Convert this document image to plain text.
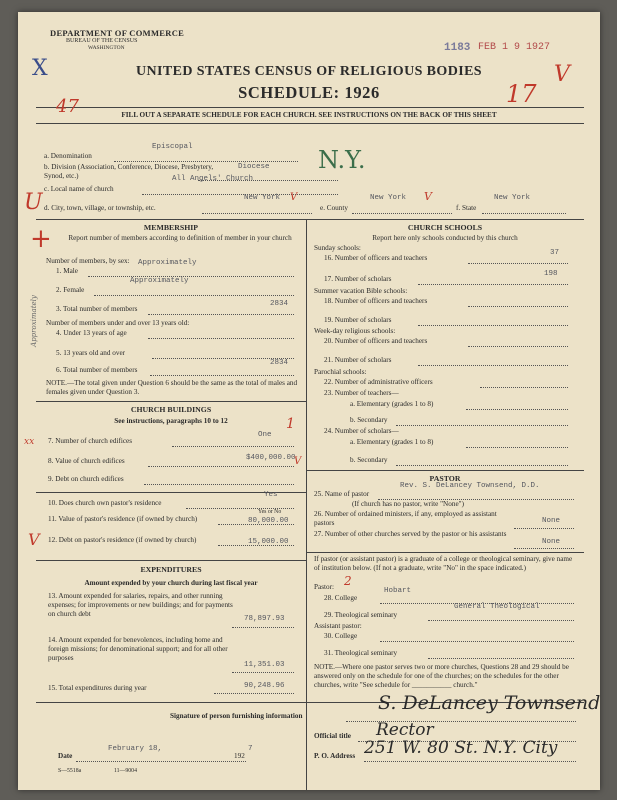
DEPARTMENT OF COMMERCE
BUREAU OF THE CENSUS
WASHINGTON	1183 FEB 1 9 1927
UNITED STATES CENSUS OF RELIGIOUS BODIES
SCHEDULE: 1926
FILL OUT A SEPARATE SCHEDULE FOR EACH CHURCH. SEE INSTRUCTIONS ON THE BACK OF THIS SHEET
X
47	17
V
N.Y.
U
+
Approximately
xx
a. Denomination
Episcopal
b. Division (Association, Conference, Diocese, Presbytery, Synod, etc.)
Diocese
c. Local name of church
All Angels' Church
d. City, town, village, or township, etc.
New York V
e. County
New York V
f. State
New York
MEMBERSHIP
Report number of members according to definition of member in your church
Number of members, by sex:
1. Male
Approximately
2. Female
Approximately
3. Total number of members
2834
Number of members under and over 13 years old:
4. Under 13 years of age
5. 13 years old and over
6. Total number of members
2834
NOTE.—The total given under Question 6 should be the same as the total of males and females given under Question 3.
CHURCH BUILDINGS
See instructions, paragraphs 10 to 12
7. Number of church edifices
One
1
8. Value of church edifices	$400,000.00
V
9. Debt on church edifices
10. Does church own pastor's residence
Yes
Yes or No
11. Value of pastor's residence (if owned by church)	80,000.00
12. Debt on pastor's residence (if owned by church)	15,000.00
V
EXPENDITURES
Amount expended by your church during last fiscal year
13. Amount expended for salaries, repairs, and other running expenses; for improvements or new buildings; and for payments on church debt
78,897.93
14. Amount expended for benevolences, including home and foreign missions; for denominational support; and for all other purposes
11,351.03
15. Total expenditures during year	90,248.96
CHURCH SCHOOLS
Report here only schools conducted by this church
Sunday schools:
16. Number of officers and teachers
37
17. Number of scholars
198
Summer vacation Bible schools:
18. Number of officers and teachers
19. Number of scholars
Week-day religious schools:
20. Number of officers and teachers
21. Number of scholars
Parochial schools:
22. Number of administrative officers
23. Number of teachers—
a. Elementary (grades 1 to 8)
b. Secondary
24. Number of scholars—
a. Elementary (grades 1 to 8)
b. Secondary
PASTOR
25. Name of pastor
Rev. S. DeLancey Townsend, D.D.
(If church has no pastor, write "None")
26. Number of ordained ministers, if any, employed as assistant pastors	None
27. Number of other churches served by the pastor or his assistants
None
If pastor (or assistant pastor) is a graduate of a college or theological seminary, give name of institution below. (If not a graduate, write "No" in the space indicated.)
Pastor: 2
28. College
Hobart
29. Theological seminary
General Theological
Assistant pastor:
30. College
31. Theological seminary
NOTE.—Where one pastor serves two or more churches, Questions 28 and 29 should be answered only on the schedule for one of the churches; on the schedules for the other churches, write "See schedule for ___________ church."
Signature of person furnishing information
S. DeLancey Townsend
Official title Rector
Date
February 18,
192
7
P. O. Address 251 W. 80 St. N.Y. City
S—5518a	11—9004
